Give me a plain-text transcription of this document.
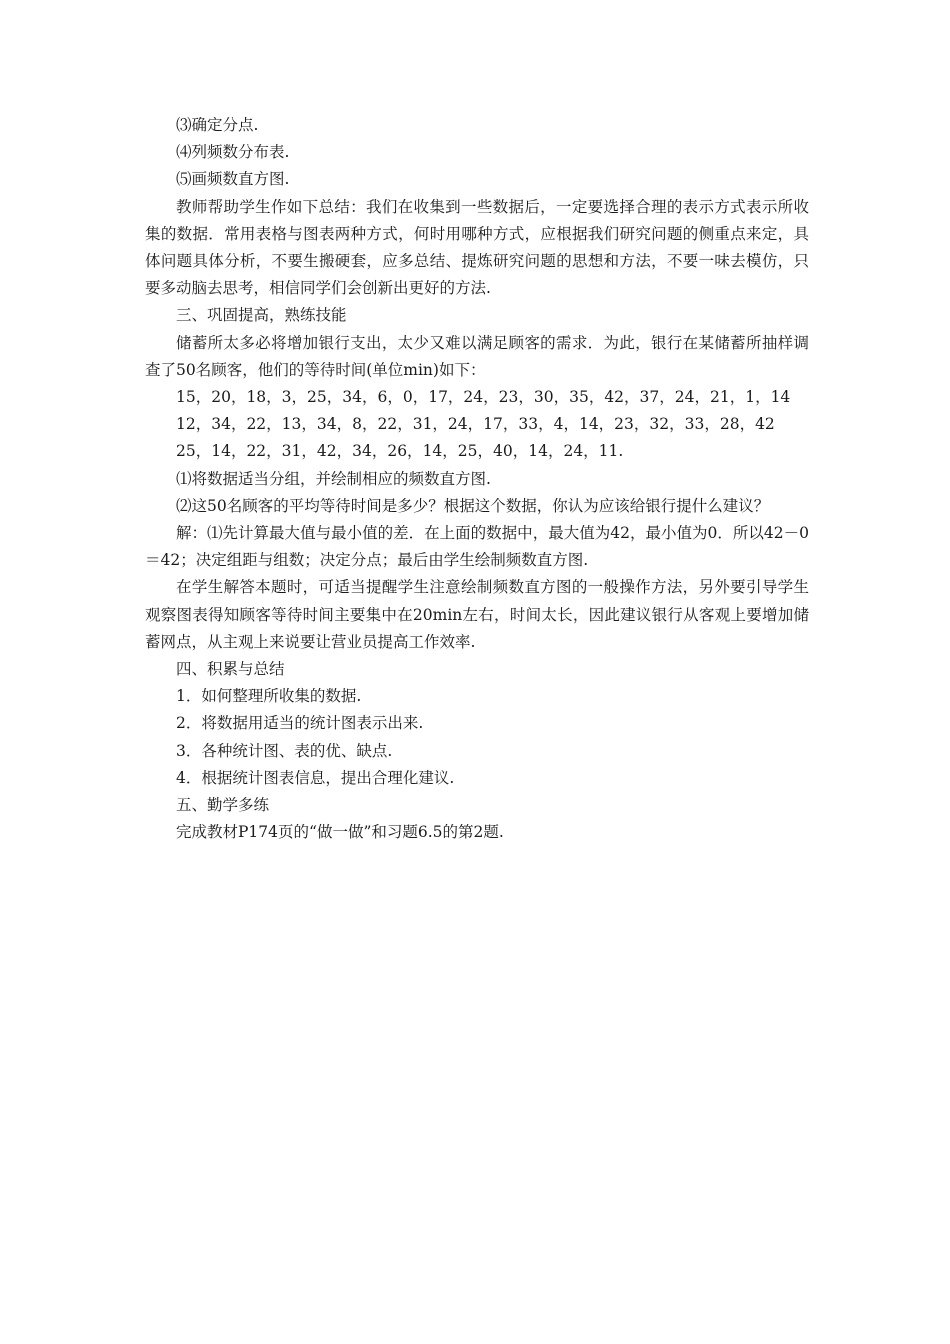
⑶确定分点.

⑷列频数分布表.

⑸画频数直方图.

教师帮助学生作如下总结：我们在收集到一些数据后，一定要选择合理的表示方式表示所收集的数据．常用表格与图表两种方式，何时用哪种方式，应根据我们研究问题的侧重点来定，具体问题具体分析，不要生搬硬套，应多总结、提炼研究问题的思想和方法，不要一味去模仿，只要多动脑去思考，相信同学们会创新出更好的方法.

三、巩固提高，熟练技能

储蓄所太多必将增加银行支出，太少又难以满足顾客的需求．为此，银行在某储蓄所抽样调查了50名顾客，他们的等待时间(单位min)如下：

15，20，18，3，25，34，6，0，17，24，23，30，35，42，37，24，21，1，14

12，34，22，13，34，8，22，31，24，17，33，4，14，23，32，33，28，42

25，14，22，31，42，34，26，14，25，40，14，24，11.

⑴将数据适当分组，并绘制相应的频数直方图.

⑵这50名顾客的平均等待时间是多少？根据这个数据，你认为应该给银行提什么建议？

解：⑴先计算最大值与最小值的差．在上面的数据中，最大值为42，最小值为0．所以42－0＝42；决定组距与组数；决定分点；最后由学生绘制频数直方图.

在学生解答本题时，可适当提醒学生注意绘制频数直方图的一般操作方法，另外要引导学生观察图表得知顾客等待时间主要集中在20min左右，时间太长，因此建议银行从客观上要增加储蓄网点，从主观上来说要让营业员提高工作效率.

四、积累与总结

1．如何整理所收集的数据.

2．将数据用适当的统计图表示出来.

3．各种统计图、表的优、缺点.

4．根据统计图表信息，提出合理化建议.

五、勤学多练

完成教材P174页的“做一做”和习题6.5的第2题.
